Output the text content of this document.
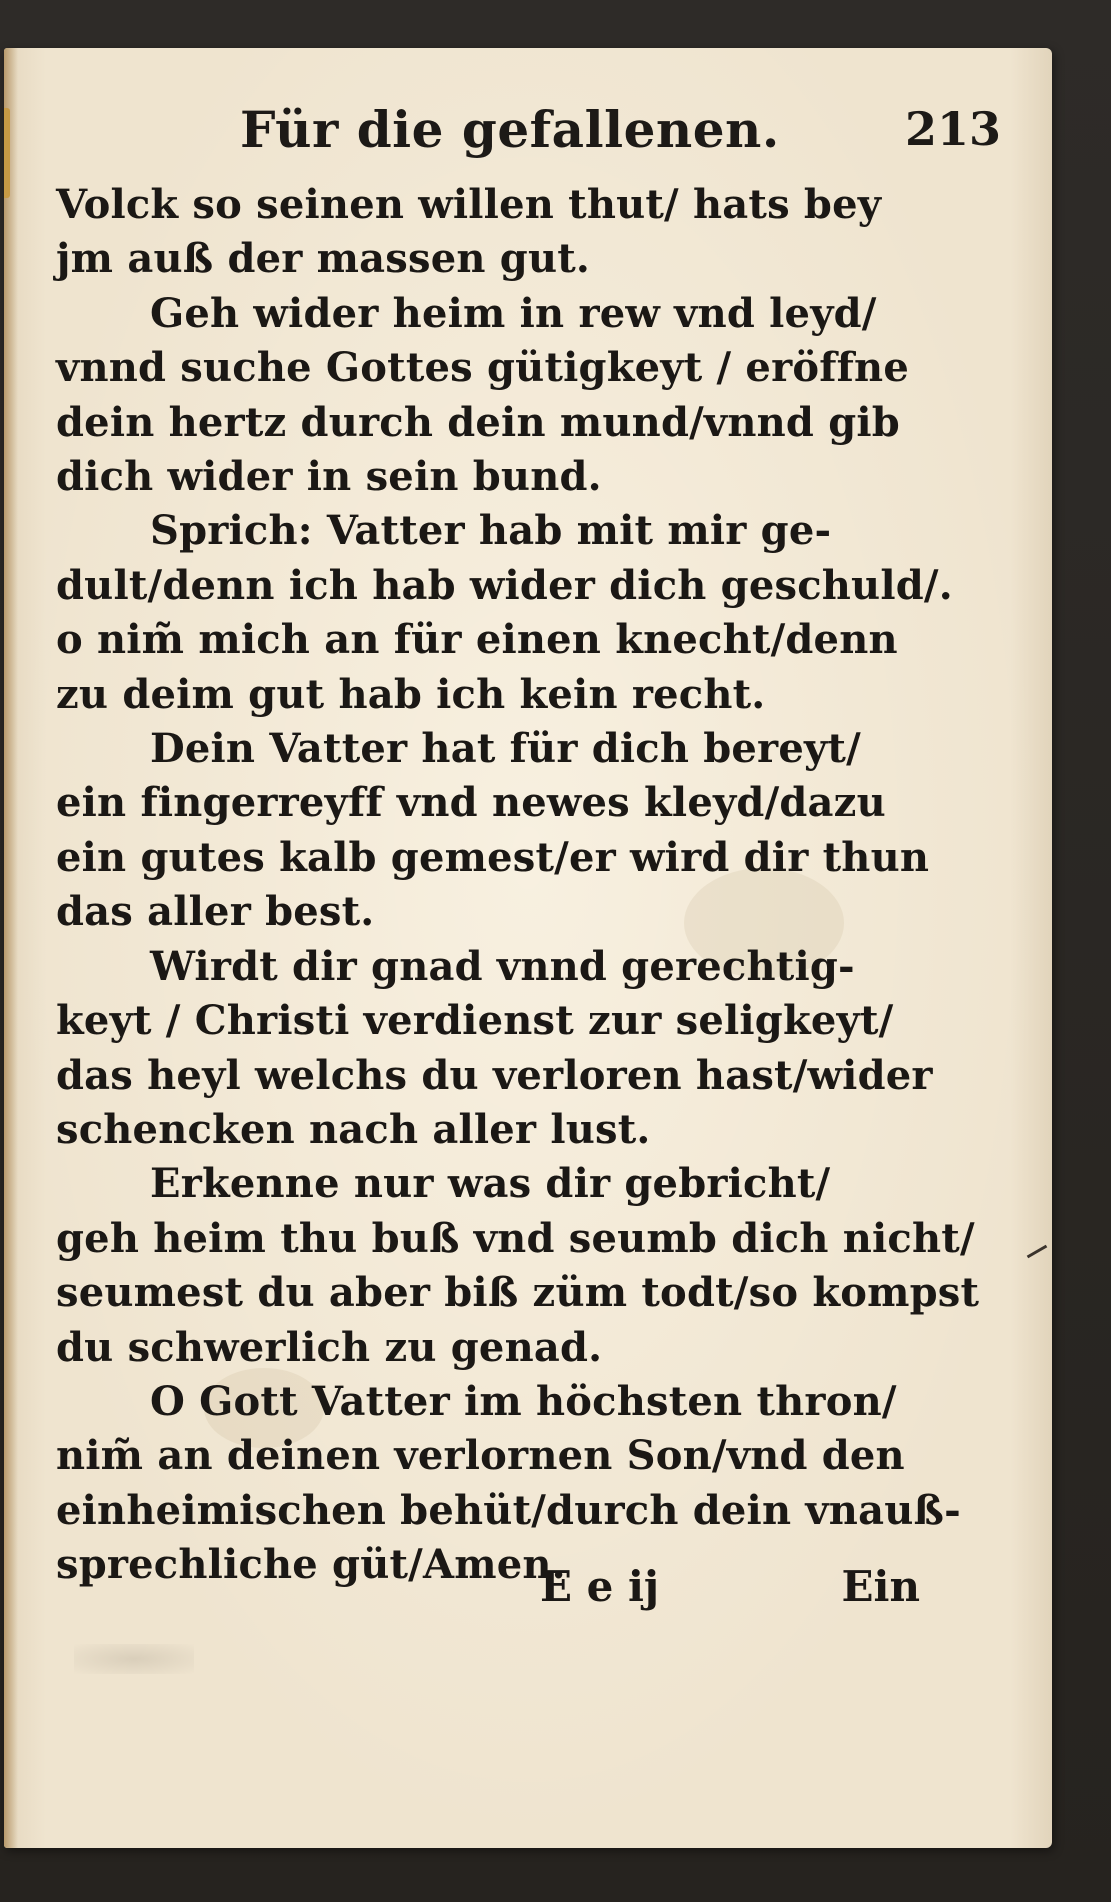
Für die gefallenen.	213
Volck so seinen willen thut/ hats bey
jm auß der massen gut.
Geh wider heim in rew vnd leyd/
vnnd suche Gottes gütigkeyt / eröffne
dein hertz durch dein mund/vnnd gib
dich wider in sein bund.
Sprich: Vatter hab mit mir ge-
dult/denn ich hab wider dich geschuld/.
o nim̃ mich an für einen knecht/denn
zu deim gut hab ich kein recht.
Dein Vatter hat für dich bereyt/
ein fingerreyff vnd newes kleyd/dazu
ein gutes kalb gemest/er wird dir thun
das aller best.
Wirdt dir gnad vnnd gerechtig-
keyt / Christi verdienst zur seligkeyt/
das heyl welchs du verloren hast/wider
schencken nach aller lust.
Erkenne nur was dir gebricht/
geh heim thu buß vnd seumb dich nicht/
seumest du aber biß züm todt/so kompst
du schwerlich zu genad.
O Gott Vatter im höchsten thron/
nim̃ an deinen verlornen Son/vnd den
einheimischen behüt/durch dein vnauß-
sprechliche güt/Amen.
E e ij	Ein
